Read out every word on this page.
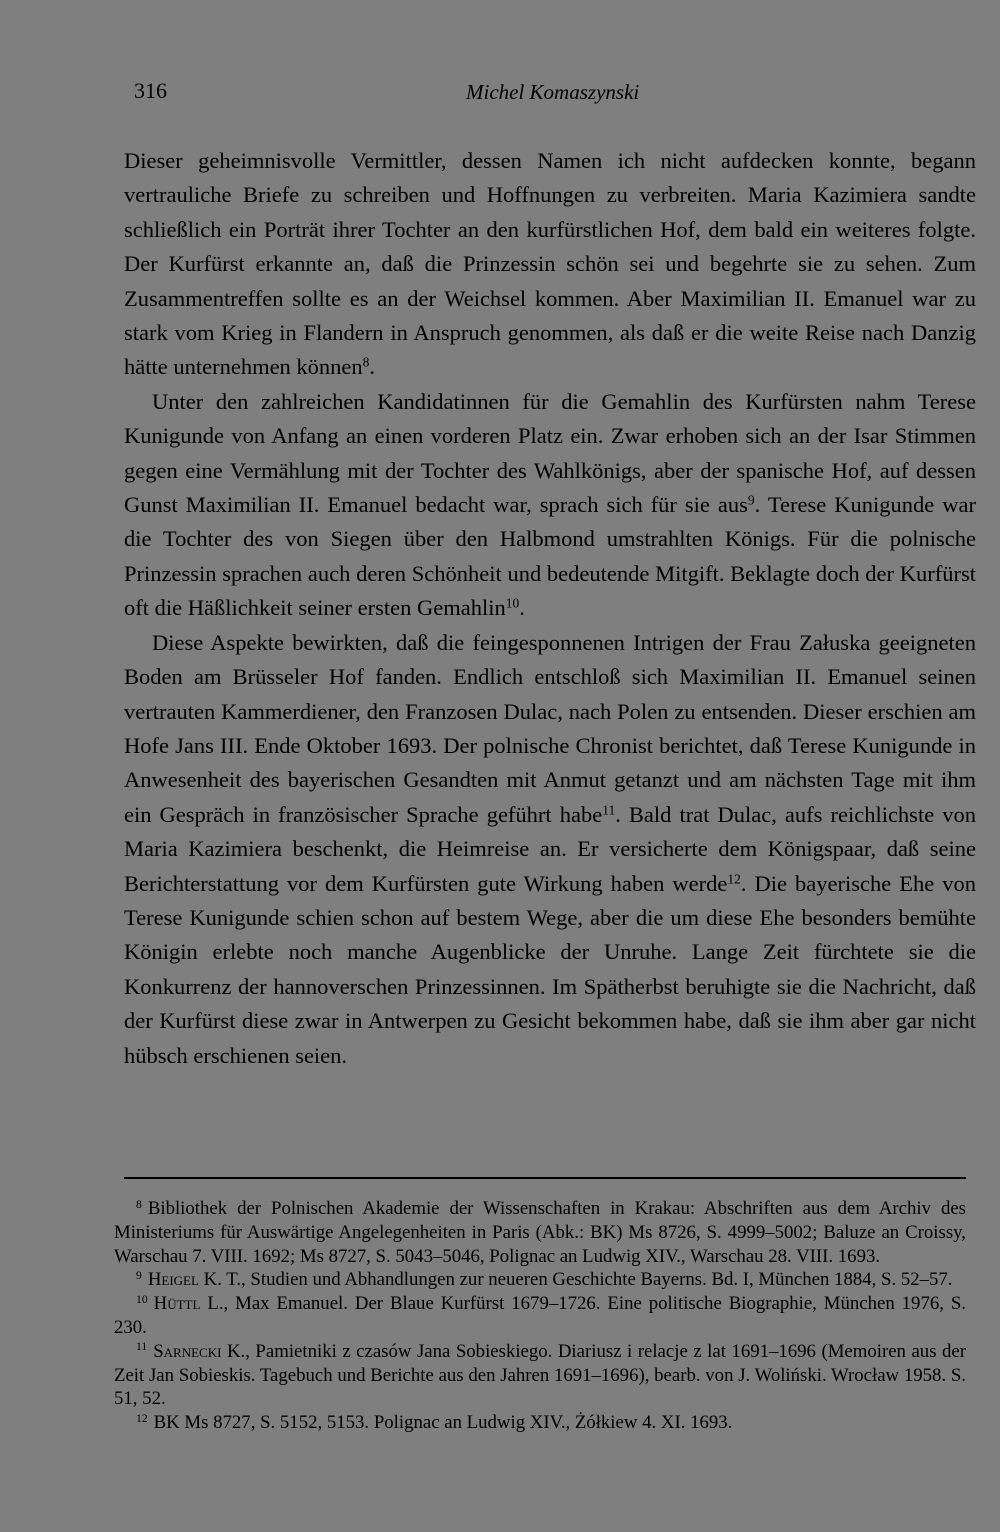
316	Michel Komaszynski

Dieser geheimnisvolle Vermittler, dessen Namen ich nicht aufdecken konnte, begann vertrauliche Briefe zu schreiben und Hoffnungen zu verbreiten. Maria Kazimiera sandte schließlich ein Porträt ihrer Tochter an den kurfürstlichen Hof, dem bald ein weiteres folgte. Der Kurfürst erkannte an, daß die Prinzessin schön sei und begehrte sie zu sehen. Zum Zusammentreffen sollte es an der Weichsel kommen. Aber Maximilian II. Emanuel war zu stark vom Krieg in Flandern in Anspruch genommen, als daß er die weite Reise nach Danzig hätte unternehmen können$^8$.

Unter den zahlreichen Kandidatinnen für die Gemahlin des Kurfürsten nahm Terese Kunigunde von Anfang an einen vorderen Platz ein. Zwar erhoben sich an der Isar Stimmen gegen eine Vermählung mit der Tochter des Wahlkönigs, aber der spanische Hof, auf dessen Gunst Maximilian II. Emanuel bedacht war, sprach sich für sie aus$^9$. Terese Kunigunde war die Tochter des von Siegen über den Halbmond umstrahlten Königs. Für die polnische Prinzessin sprachen auch deren Schönheit und bedeutende Mitgift. Beklagte doch der Kurfürst oft die Häßlichkeit seiner ersten Gemahlin$^{10}$.

Diese Aspekte bewirkten, daß die feingesponnenen Intrigen der Frau Załuska geeigneten Boden am Brüsseler Hof fanden. Endlich entschloß sich Maximilian II. Emanuel seinen vertrauten Kammerdiener, den Franzosen Dulac, nach Polen zu entsenden. Dieser erschien am Hofe Jans III. Ende Oktober 1693. Der polnische Chronist berichtet, daß Terese Kunigunde in Anwesenheit des bayerischen Gesandten mit Anmut getanzt und am nächsten Tage mit ihm ein Gespräch in französischer Sprache geführt habe$^{11}$. Bald trat Dulac, aufs reichlichste von Maria Kazimiera beschenkt, die Heimreise an. Er versicherte dem Königspaar, daß seine Berichterstattung vor dem Kurfürsten gute Wirkung haben werde$^{12}$. Die bayerische Ehe von Terese Kunigunde schien schon auf bestem Wege, aber die um diese Ehe besonders bemühte Königin erlebte noch manche Augenblicke der Unruhe. Lange Zeit fürchtete sie die Konkurrenz der hannoverschen Prinzessinnen. Im Spätherbst beruhigte sie die Nachricht, daß der Kurfürst diese zwar in Antwerpen zu Gesicht bekommen habe, daß sie ihm aber gar nicht hübsch erschienen seien.

$^8$ Bibliothek der Polnischen Akademie der Wissenschaften in Krakau: Abschriften aus dem Archiv des Ministeriums für Auswärtige Angelegenheiten in Paris (Abk.: BK) Ms 8726, S. 4999–5002; Baluze an Croissy, Warschau 7. VIII. 1692; Ms 8727, S. 5043–5046, Polignac an Ludwig XIV., Warschau 28. VIII. 1693.

$^9$ Heigel K. T., Studien und Abhandlungen zur neueren Geschichte Bayerns. Bd. I, München 1884, S. 52–57.

$^{10}$ Hüttl L., Max Emanuel. Der Blaue Kurfürst 1679–1726. Eine politische Biographie, München 1976, S. 230.

$^{11}$ Sarnecki K., Pamietniki z czasów Jana Sobieskiego. Diariusz i relacje z lat 1691–1696 (Memoiren aus der Zeit Jan Sobieskis. Tagebuch und Berichte aus den Jahren 1691–1696), bearb. von J. Woliński. Wrocław 1958. S. 51, 52.

$^{12}$ BK Ms 8727, S. 5152, 5153. Polignac an Ludwig XIV., Żółkiew 4. XI. 1693.
